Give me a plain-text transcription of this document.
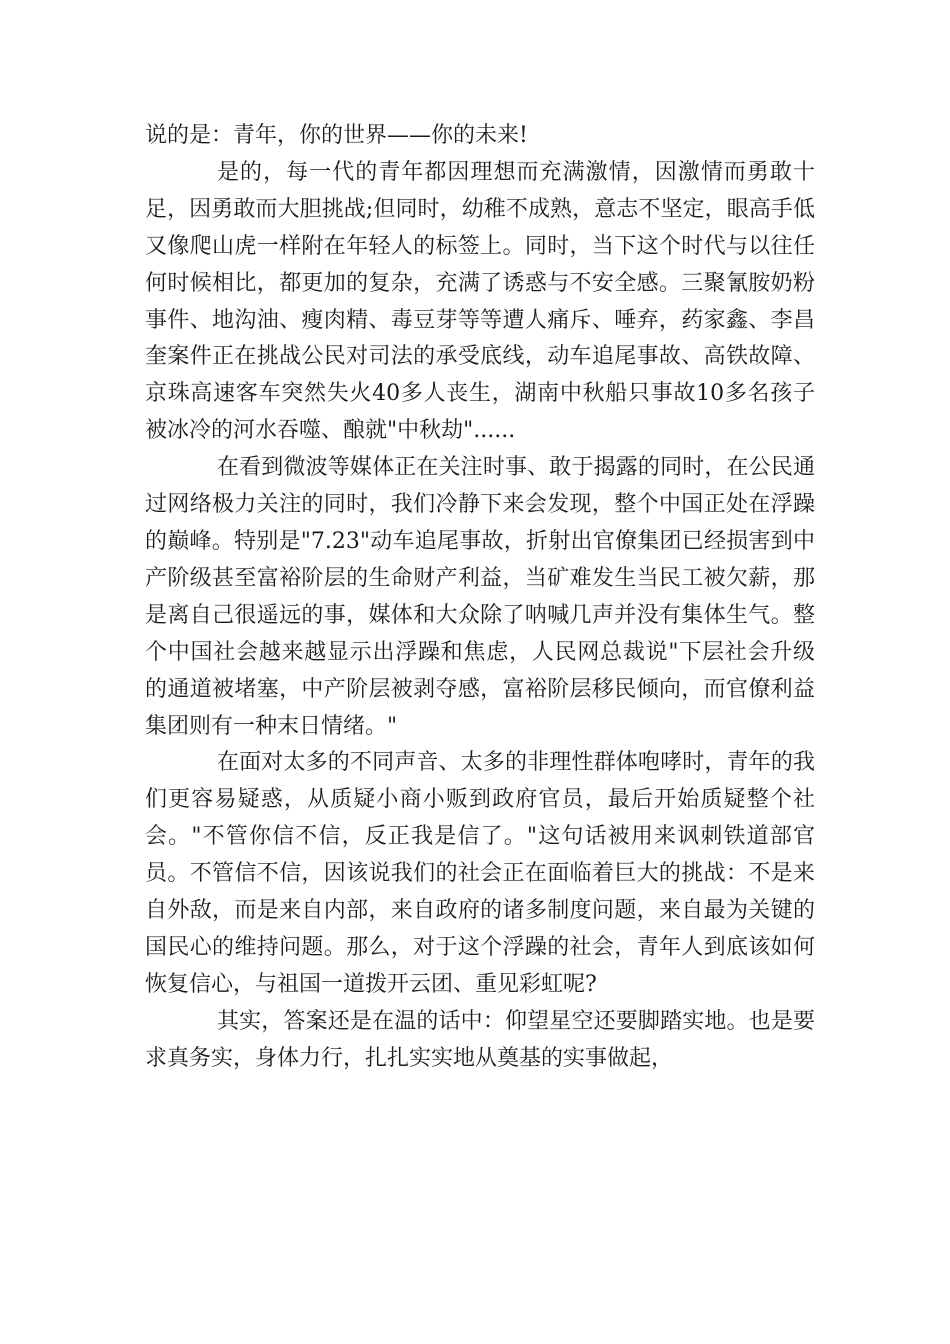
说的是：青年，你的世界——你的未来!

是的，每一代的青年都因理想而充满激情，因激情而勇敢十足，因勇敢而大胆挑战;但同时，幼稚不成熟，意志不坚定，眼高手低又像爬山虎一样附在年轻人的标签上。同时，当下这个时代与以往任何时候相比，都更加的复杂，充满了诱惑与不安全感。三聚氰胺奶粉事件、地沟油、瘦肉精、毒豆芽等等遭人痛斥、唾弃，药家鑫、李昌奎案件正在挑战公民对司法的承受底线，动车追尾事故、高铁故障、京珠高速客车突然失火40多人丧生，湖南中秋船只事故10多名孩子被冰冷的河水吞噬、酿就"中秋劫"......

在看到微波等媒体正在关注时事、敢于揭露的同时，在公民通过网络极力关注的同时，我们冷静下来会发现，整个中国正处在浮躁的巅峰。特别是"7.23"动车追尾事故，折射出官僚集团已经损害到中产阶级甚至富裕阶层的生命财产利益，当矿难发生当民工被欠薪，那是离自己很遥远的事，媒体和大众除了呐喊几声并没有集体生气。整个中国社会越来越显示出浮躁和焦虑，人民网总裁说"下层社会升级的通道被堵塞，中产阶层被剥夺感，富裕阶层移民倾向，而官僚利益集团则有一种末日情绪。"

在面对太多的不同声音、太多的非理性群体咆哮时，青年的我们更容易疑惑，从质疑小商小贩到政府官员，最后开始质疑整个社会。"不管你信不信，反正我是信了。"这句话被用来讽刺铁道部官员。不管信不信，因该说我们的社会正在面临着巨大的挑战：不是来自外敌，而是来自内部，来自政府的诸多制度问题，来自最为关键的国民心的维持问题。那么，对于这个浮躁的社会，青年人到底该如何恢复信心，与祖国一道拨开云团、重见彩虹呢?

其实，答案还是在温的话中：仰望星空还要脚踏实地。也是要求真务实，身体力行，扎扎实实地从奠基的实事做起，
